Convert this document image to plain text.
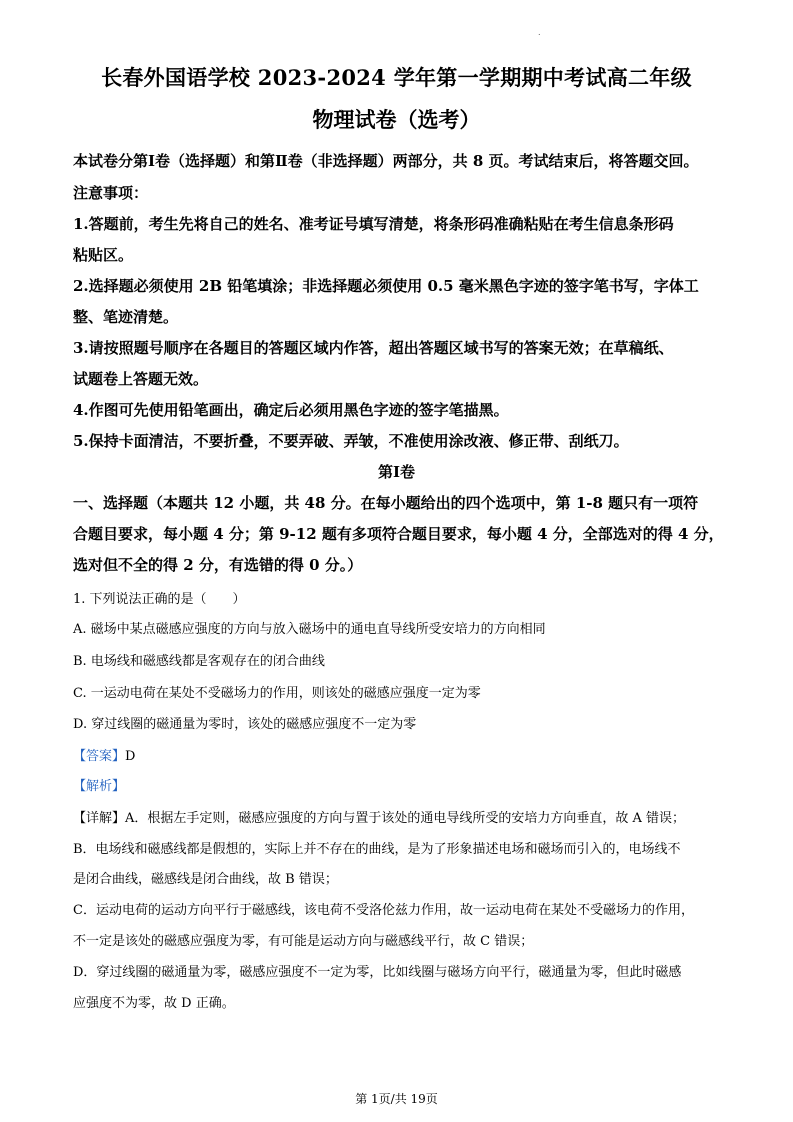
.
长春外国语学校 2023-2024 学年第一学期期中考试高二年级
物理试卷（选考）
本试卷分第Ⅰ卷（选择题）和第Ⅱ卷（非选择题）两部分，共 8 页。考试结束后，将答题交回。
注意事项：
1.答题前，考生先将自己的姓名、准考证号填写清楚，将条形码准确粘贴在考生信息条形码
粘贴区。
2.选择题必须使用 2B 铅笔填涂；非选择题必须使用 0.5 毫米黑色字迹的签字笔书写，字体工
整、笔迹清楚。
3.请按照题号顺序在各题目的答题区域内作答，超出答题区域书写的答案无效；在草稿纸、
试题卷上答题无效。
4.作图可先使用铅笔画出，确定后必须用黑色字迹的签字笔描黑。
5.保持卡面清洁，不要折叠，不要弄破、弄皱，不准使用涂改液、修正带、刮纸刀。
第Ⅰ卷
一、选择题（本题共 12 小题，共 48 分。在每小题给出的四个选项中，第 1-8 题只有一项符
合题目要求，每小题 4 分；第 9-12 题有多项符合题目要求，每小题 4 分，全部选对的得 4 分，
选对但不全的得 2 分，有选错的得 0 分。）
1. 下列说法正确的是（　　）
A. 磁场中某点磁感应强度的方向与放入磁场中的通电直导线所受安培力的方向相同
B. 电场线和磁感线都是客观存在的闭合曲线
C. 一运动电荷在某处不受磁场力的作用，则该处的磁感应强度一定为零
D. 穿过线圈的磁通量为零时，该处的磁感应强度不一定为零
【答案】D
【解析】
【详解】A．根据左手定则，磁感应强度的方向与置于该处的通电导线所受的安培力方向垂直，故 A 错误；
B．电场线和磁感线都是假想的，实际上并不存在的曲线，是为了形象描述电场和磁场而引入的，电场线不
是闭合曲线，磁感线是闭合曲线，故 B 错误；
C．运动电荷的运动方向平行于磁感线，该电荷不受洛伦兹力作用，故一运动电荷在某处不受磁场力的作用，
不一定是该处的磁感应强度为零，有可能是运动方向与磁感线平行，故 C 错误；
D．穿过线圈的磁通量为零，磁感应强度不一定为零，比如线圈与磁场方向平行，磁通量为零，但此时磁感
应强度不为零，故 D 正确。
第 1页/共 19页
